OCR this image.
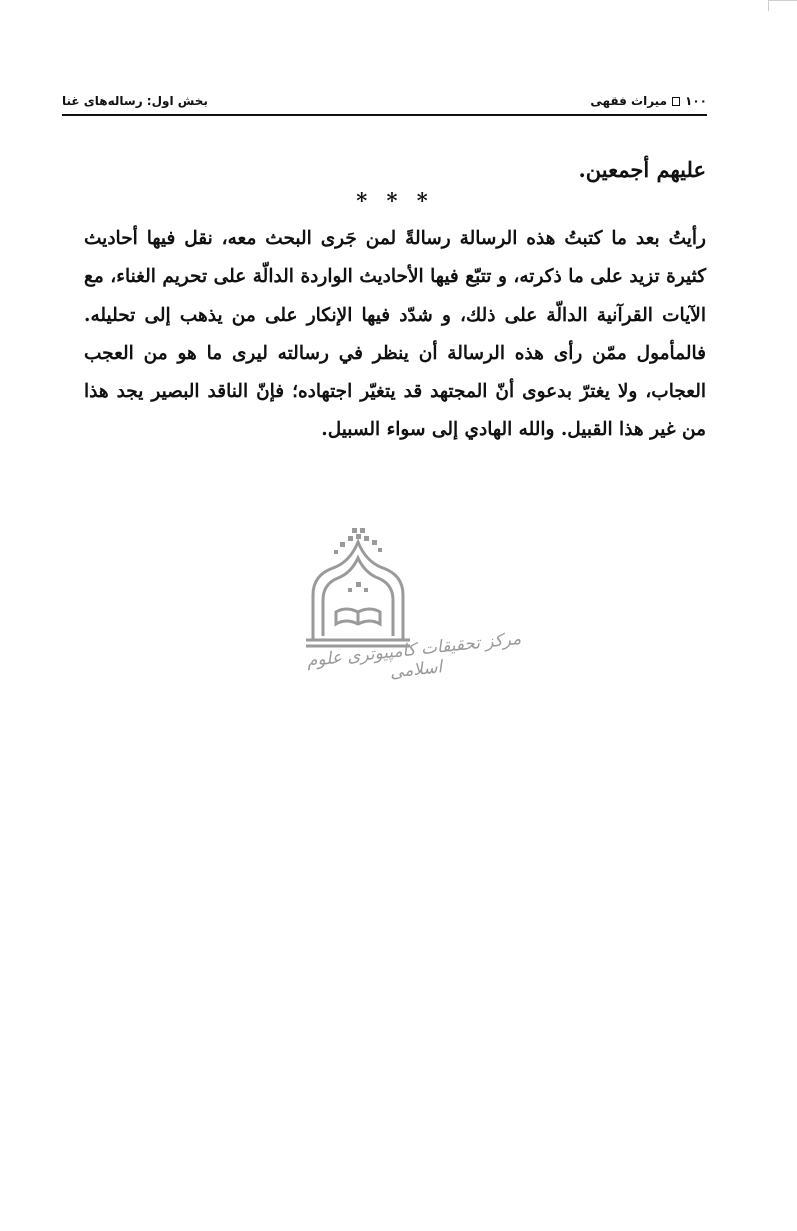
١٠٠
میراث فقهی
بخش اول: رساله‌های غنا

عليهم أجمعين.

* * *

رأيتُ بعد ما كتبتُ هذه الرسالة رسالةً لمن جَرى البحث معه، نقل فيها أحاديث كثيرة تزيد على ما ذكرته، و تتبّع فيها الأحاديث الواردة الدالّة على تحريم الغناء، مع الآيات القرآنية الدالّة على ذلك، و شدّد فيها الإنكار على من يذهب إلى تحليله. فالمأمول ممّن رأى هذه الرسالة أن ينظر في رسالته ليرى ما هو من العجب العجاب، ولا يغترّ بدعوى أنّ المجتهد قد يتغيّر اجتهاده؛ فإنّ الناقد البصير يجد هذا من غير هذا القبيل. والله الهادي إلى سواء السبيل.

مرکز تحقیقات کامپیوتری علوم اسلامی
